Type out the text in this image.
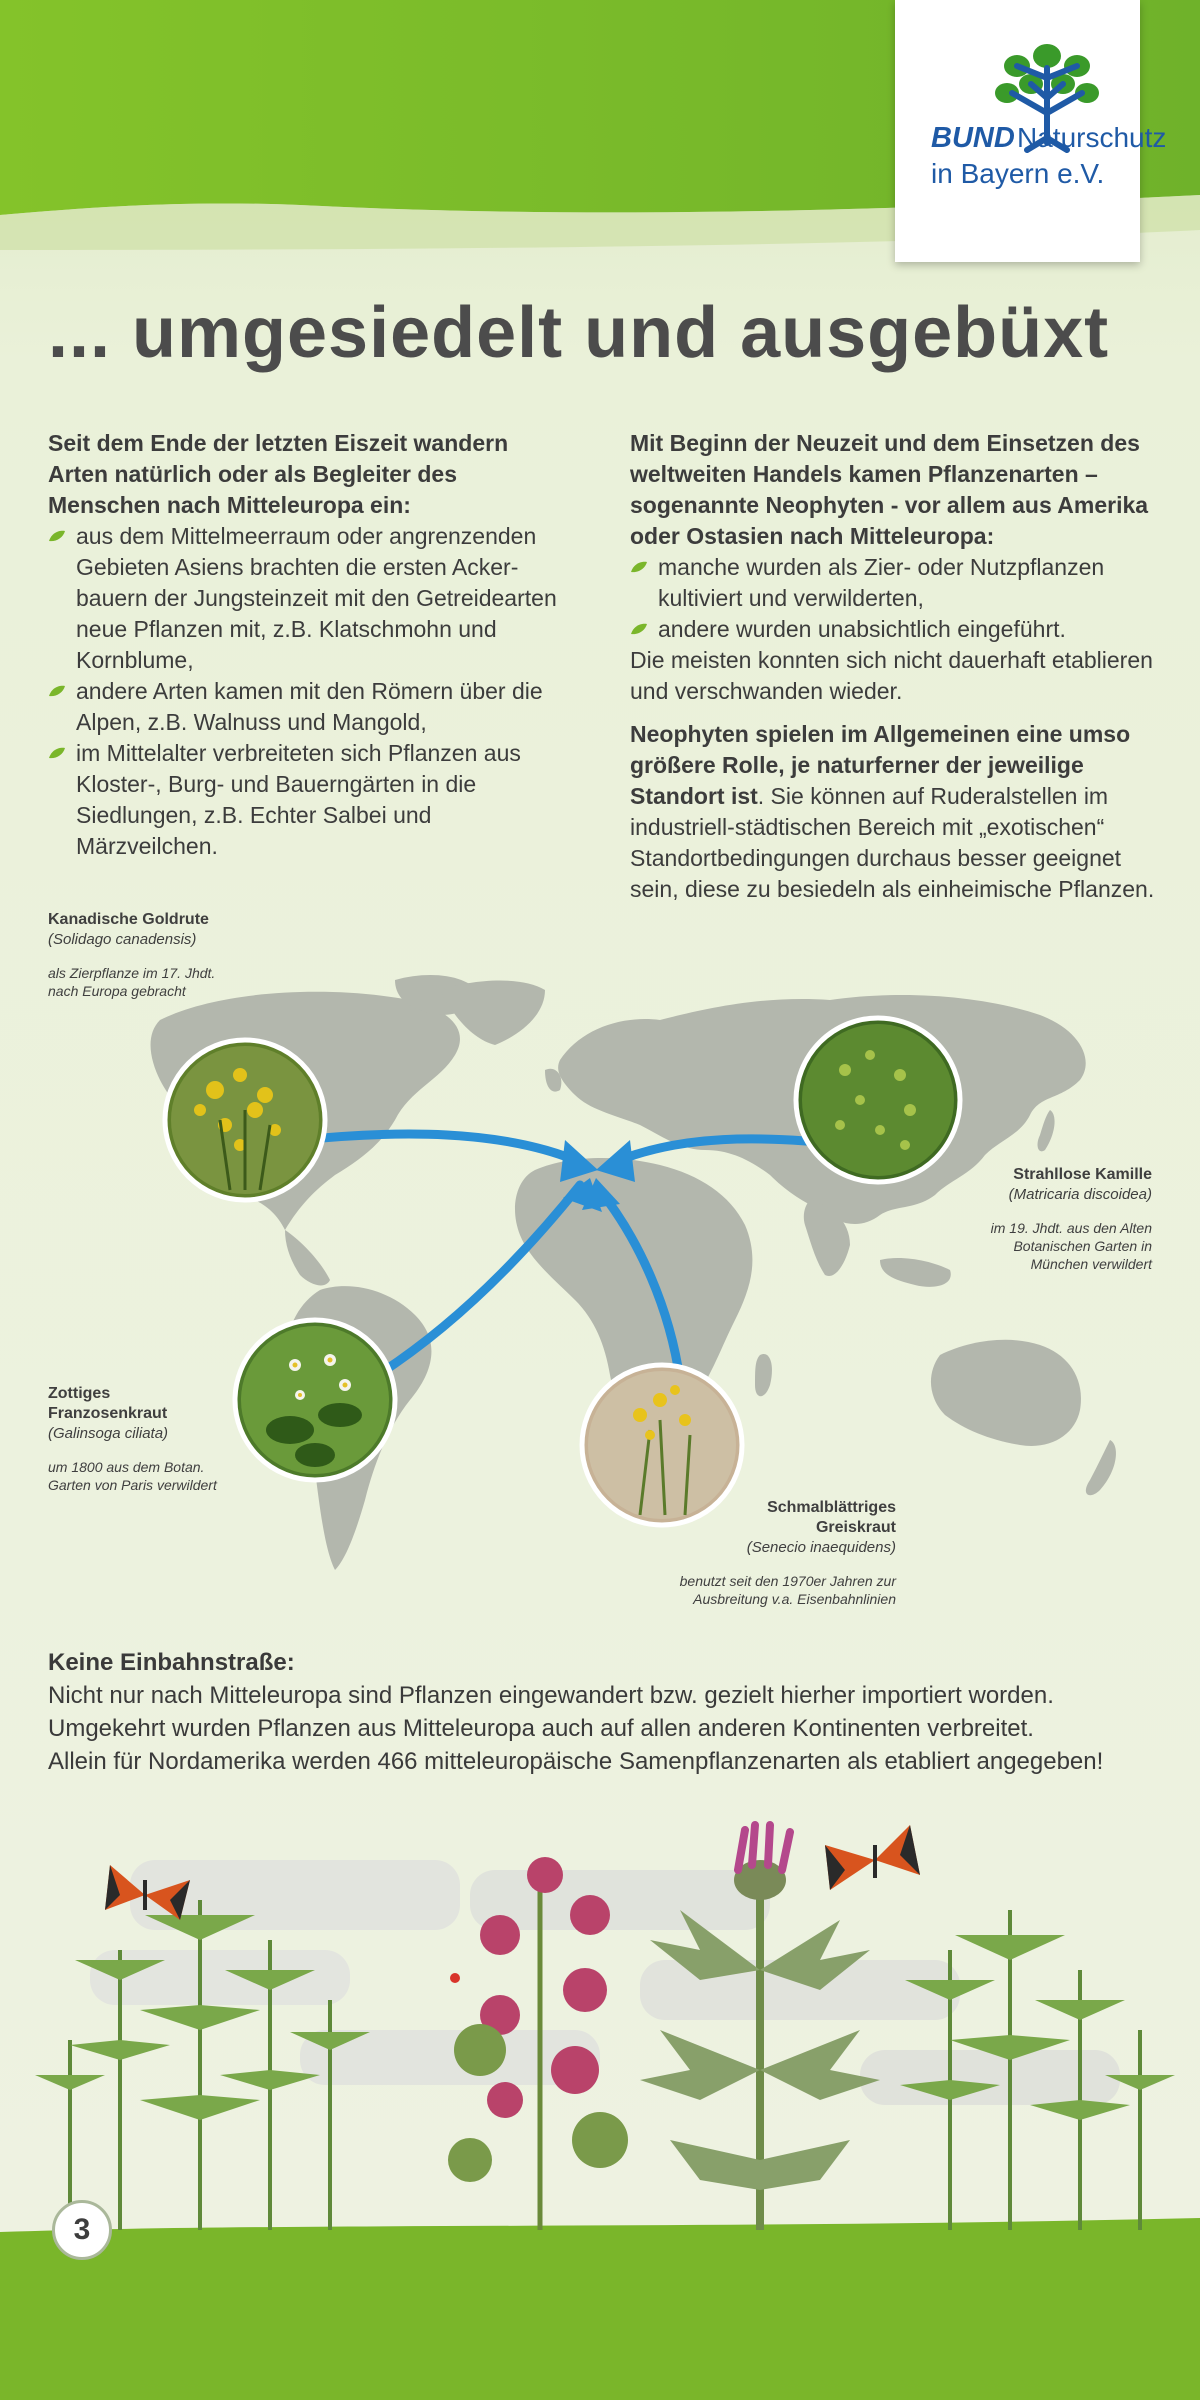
BUND Naturschutz
in Bayern e.V.
... umgesiedelt und ausgebüxt

Seit dem Ende der letzten Eiszeit wandern Arten natürlich oder als Begleiter des Menschen nach Mitteleuropa ein:

aus dem Mittelmeerraum oder angrenzenden Gebieten Asiens brachten die ersten Ackerbauern der Jungsteinzeit mit den Getreidearten neue Pflanzen mit, z.B. Klatschmohn und Kornblume,
andere Arten kamen mit den Römern über die Alpen, z.B. Walnuss und Mangold,
im Mittelalter verbreiteten sich Pflanzen aus Kloster-, Burg- und Bauerngärten in die Siedlungen, z.B. Echter Salbei und Märzveilchen.

Mit Beginn der Neuzeit und dem Einsetzen des weltweiten Handels kamen Pflanzenarten – sogenannte Neophyten - vor allem aus Amerika oder Ostasien nach Mitteleuropa:

manche wurden als Zier- oder Nutzpflanzen kultiviert und verwilderten,
andere wurden unabsichtlich eingeführt.

Die meisten konnten sich nicht dauerhaft etablieren und verschwanden wieder.

Neophyten spielen im Allgemeinen eine umso größere Rolle, je naturferner der jeweilige Standort ist. Sie können auf Ruderalstellen im industriell-städtischen Bereich mit „exotischen“ Standortbedingungen durchaus besser geeignet sein, diese zu besiedeln als einheimische Pflanzen.

Kanadische Goldrute
(Solidago canadensis)
als Zierpflanze im 17. Jhdt.
nach Europa gebracht
Strahllose Kamille
(Matricaria discoidea)
im 19. Jhdt. aus den Alten
Botanischen Garten in
München verwildert
Zottiges
Franzosenkraut
(Galinsoga ciliata)
um 1800 aus dem Botan.
Garten von Paris verwildert
Schmalblättriges
Greiskraut
(Senecio inaequidens)
benutzt seit den 1970er Jahren zur
Ausbreitung v.a. Eisenbahnlinien
Keine Einbahnstraße:
Nicht nur nach Mitteleuropa sind Pflanzen eingewandert bzw. gezielt hierher importiert worden.
Umgekehrt wurden Pflanzen aus Mitteleuropa auch auf allen anderen Kontinenten verbreitet.
Allein für Nordamerika werden 466 mitteleuropäische Samenpflanzenarten als etabliert angegeben!
3
